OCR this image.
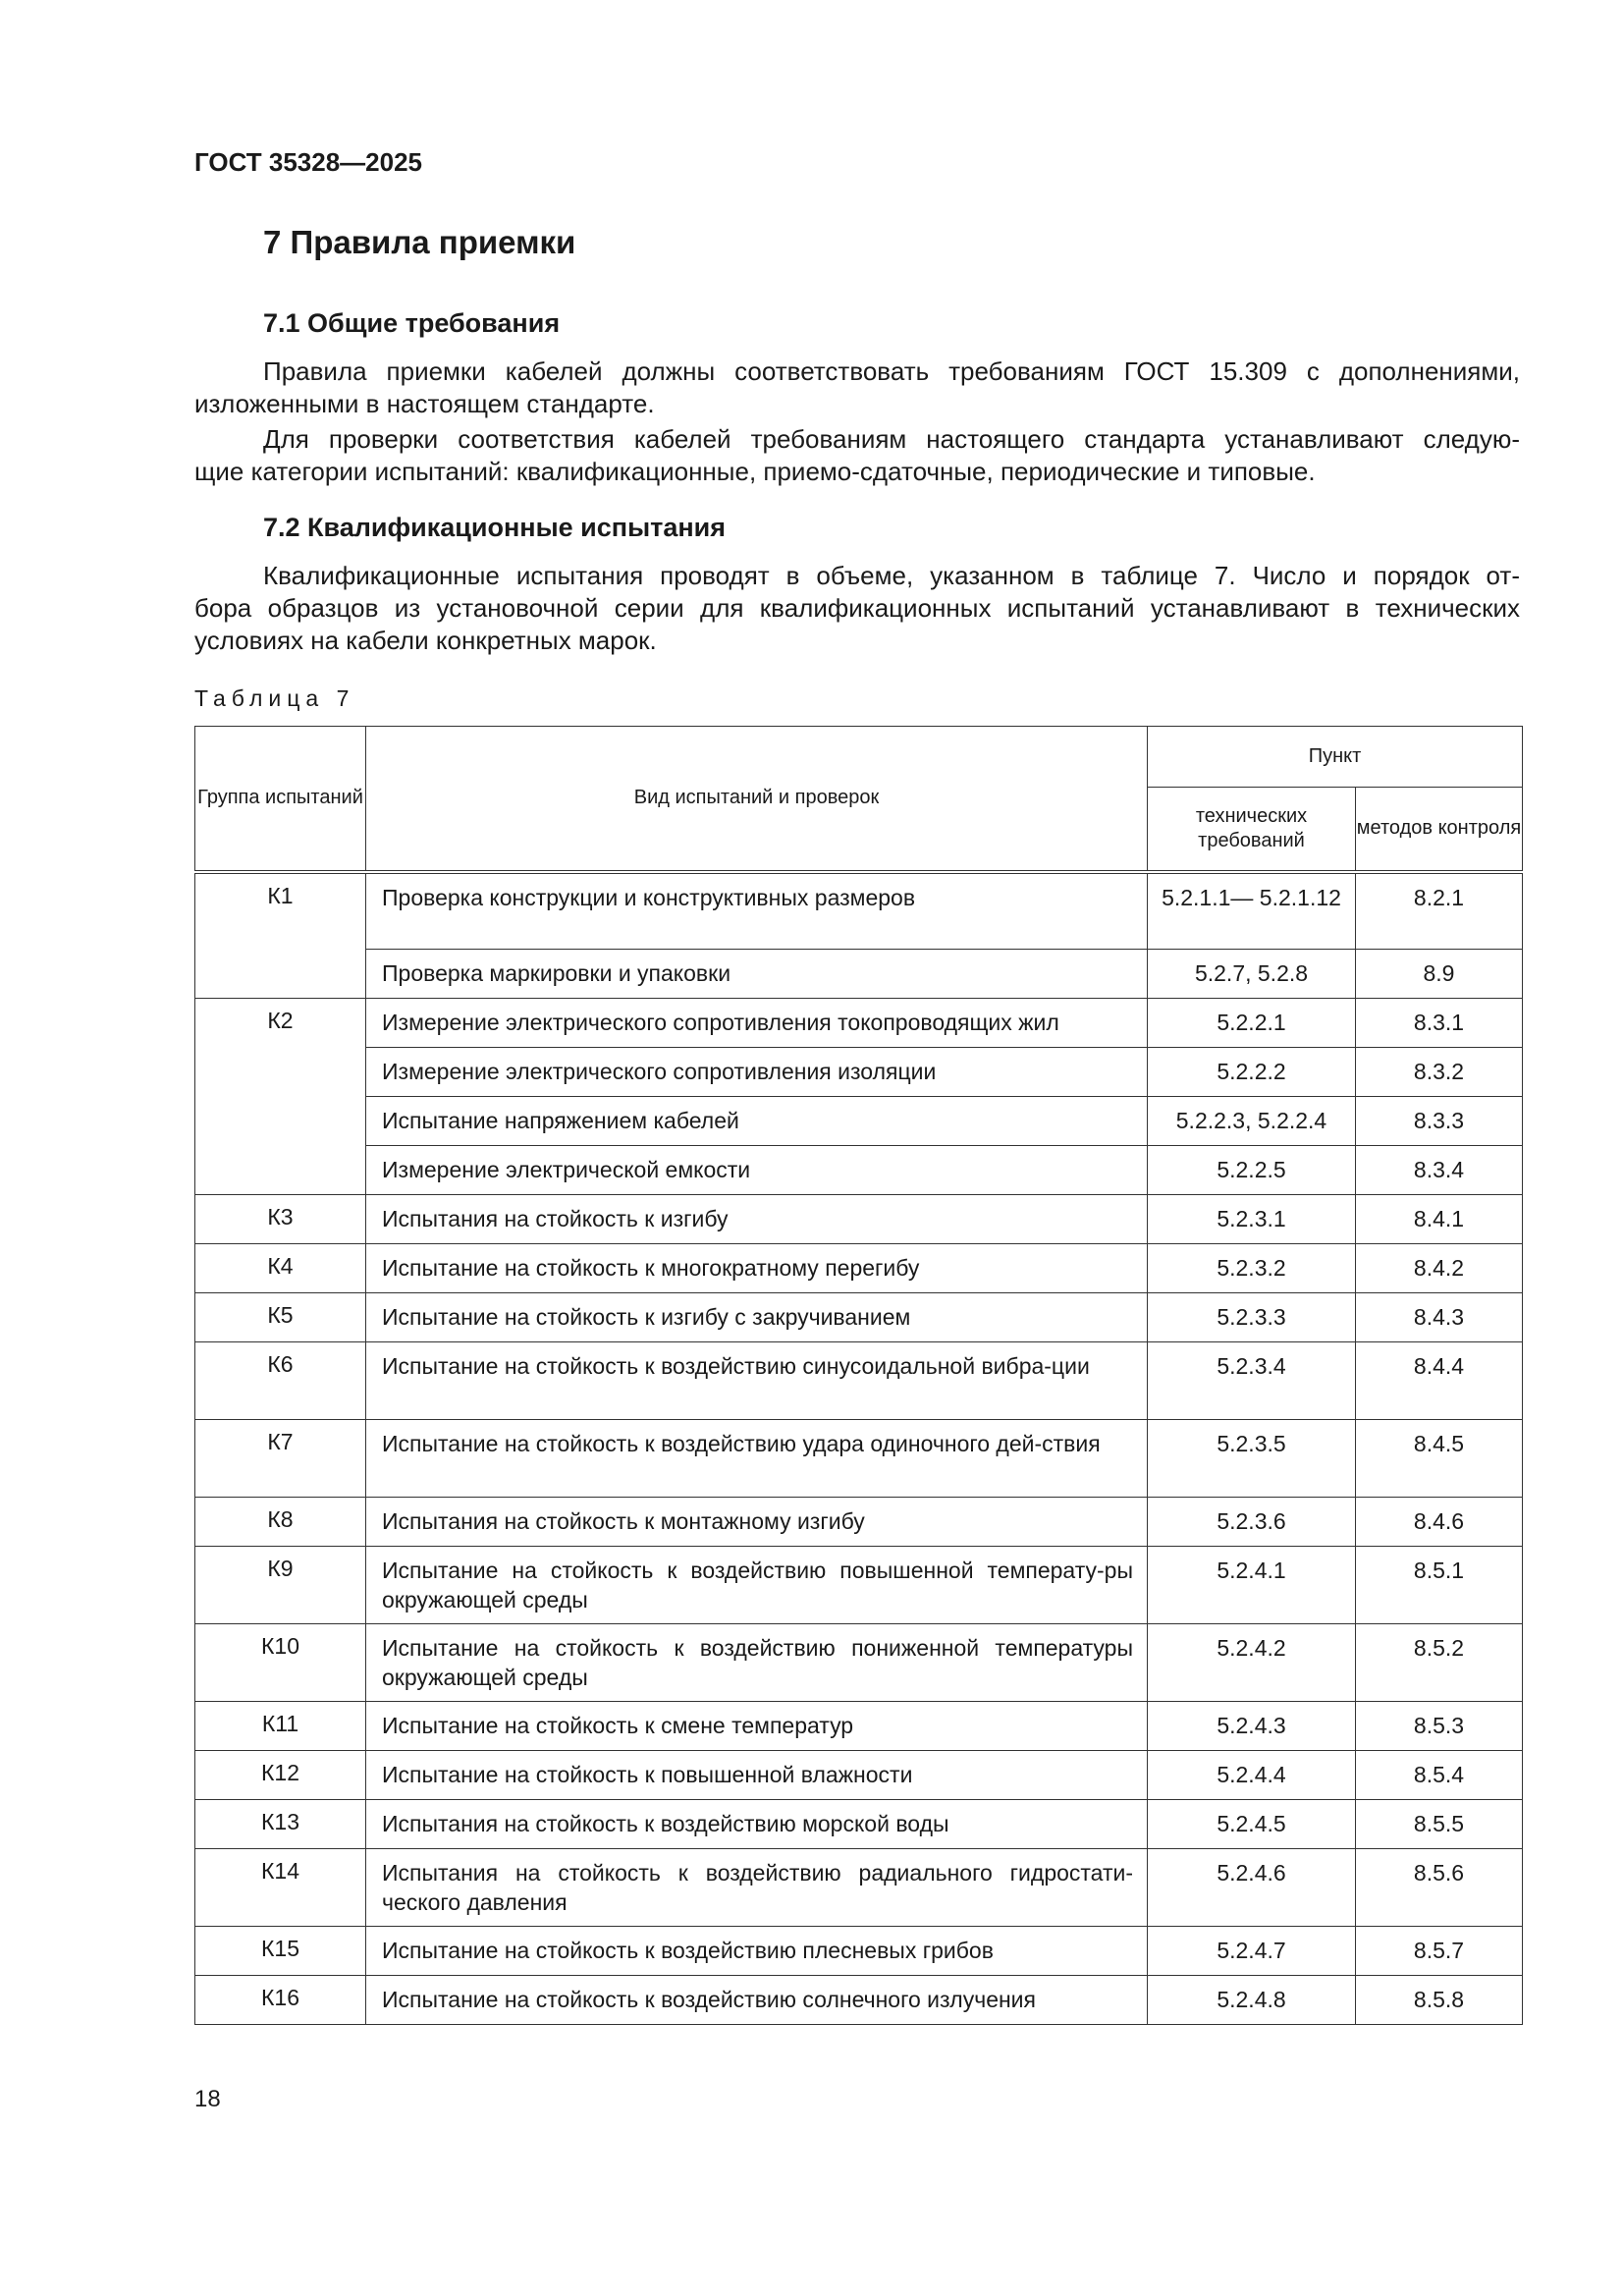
ГОСТ 35328—2025
7 Правила приемки
7.1 Общие требования
Правила приемки кабелей должны соответствовать требованиям ГОСТ 15.309 с дополнениями,
изложенными в настоящем стандарте.
Для проверки соответствия кабелей требованиям настоящего стандарта устанавливают следую-
щие категории испытаний: квалификационные, приемо-сдаточные, периодические и типовые.
7.2 Квалификационные испытания
Квалификационные испытания проводят в объеме, указанном в таблице 7. Число и порядок от-
бора образцов из установочной серии для квалификационных испытаний устанавливают в технических
условиях на кабели конкретных марок.
Таблица 7
Группа испытаний	Вид испытаний и проверок	Пункт	
		технических требований	методов контроля
К1	Проверка конструкции и конструктивных размеров	5.2.1.1— 5.2.1.12	8.2.1
	Проверка маркировки и упаковки	5.2.7, 5.2.8	8.9
К2	Измерение электрического сопротивления токопроводящих жил	5.2.2.1	8.3.1
	Измерение электрического сопротивления изоляции	5.2.2.2	8.3.2
	Испытание напряжением кабелей	5.2.2.3, 5.2.2.4	8.3.3
	Измерение электрической емкости	5.2.2.5	8.3.4
К3	Испытания на стойкость к изгибу	5.2.3.1	8.4.1
К4	Испытание на стойкость к многократному перегибу	5.2.3.2	8.4.2
К5	Испытание на стойкость к изгибу с закручиванием	5.2.3.3	8.4.3
К6	Испытание на стойкость к воздействию синусоидальной вибра-ции	5.2.3.4	8.4.4
К7	Испытание на стойкость к воздействию удара одиночного дей-ствия	5.2.3.5	8.4.5
К8	Испытания на стойкость к монтажному изгибу	5.2.3.6	8.4.6
К9	Испытание на стойкость к воздействию повышенной температу-ры окружающей среды	5.2.4.1	8.5.1
К10	Испытание на стойкость к воздействию пониженной температуры окружающей среды	5.2.4.2	8.5.2
К11	Испытание на стойкость к смене температур	5.2.4.3	8.5.3
К12	Испытание на стойкость к повышенной влажности	5.2.4.4	8.5.4
К13	Испытания на стойкость к воздействию морской воды	5.2.4.5	8.5.5
К14	Испытания на стойкость к воздействию радиального гидростати-ческого давления	5.2.4.6	8.5.6
К15	Испытание на стойкость к воздействию плесневых грибов	5.2.4.7	8.5.7
К16	Испытание на стойкость к воздействию солнечного излучения	5.2.4.8	8.5.8
18
